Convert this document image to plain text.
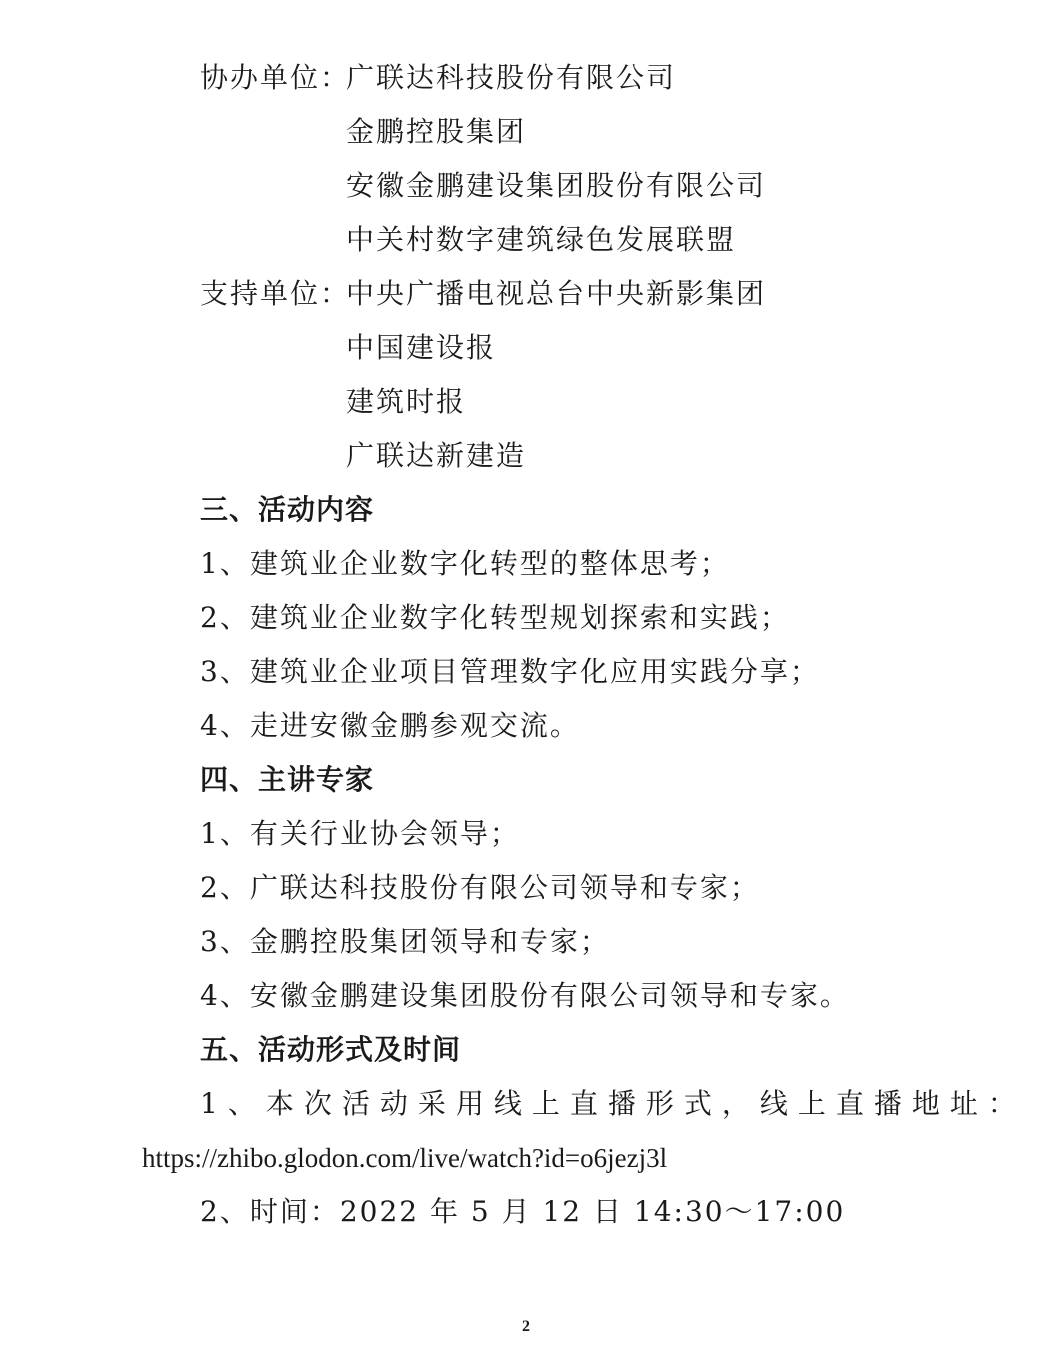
协办单位：广联达科技股份有限公司
金鹏控股集团
安徽金鹏建设集团股份有限公司
中关村数字建筑绿色发展联盟
支持单位：中央广播电视总台中央新影集团
中国建设报
建筑时报
广联达新建造
三、活动内容
1、建筑业企业数字化转型的整体思考；
2、建筑业企业数字化转型规划探索和实践；
3、建筑业企业项目管理数字化应用实践分享；
4、走进安徽金鹏参观交流。
四、主讲专家
1、有关行业协会领导；
2、广联达科技股份有限公司领导和专家；
3、金鹏控股集团领导和专家；
4、安徽金鹏建设集团股份有限公司领导和专家。
五、活动形式及时间
1、本次活动采用线上直播形式，线上直播地址：
https://zhibo.glodon.com/live/watch?id=o6jezj3l
2、时间：2022 年 5 月 12 日 14:30～17:00
2
